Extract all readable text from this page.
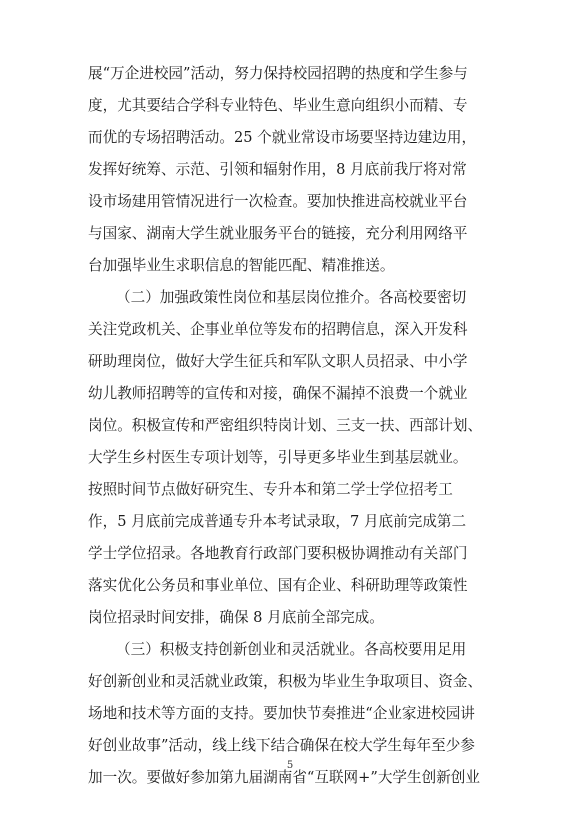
展“万企进校园”活动，努力保持校园招聘的热度和学生参与
度，尤其要结合学科专业特色、毕业生意向组织小而精、专
而优的专场招聘活动。25 个就业常设市场要坚持边建边用，
发挥好统筹、示范、引领和辐射作用，8 月底前我厅将对常
设市场建用管情况进行一次检查。要加快推进高校就业平台
与国家、湖南大学生就业服务平台的链接，充分利用网络平
台加强毕业生求职信息的智能匹配、精准推送。
（二）加强政策性岗位和基层岗位推介。各高校要密切
关注党政机关、企事业单位等发布的招聘信息，深入开发科
研助理岗位，做好大学生征兵和军队文职人员招录、中小学
幼儿教师招聘等的宣传和对接，确保不漏掉不浪费一个就业
岗位。积极宣传和严密组织特岗计划、三支一扶、西部计划、
大学生乡村医生专项计划等，引导更多毕业生到基层就业。
按照时间节点做好研究生、专升本和第二学士学位招考工
作，5 月底前完成普通专升本考试录取，7 月底前完成第二
学士学位招录。各地教育行政部门要积极协调推动有关部门
落实优化公务员和事业单位、国有企业、科研助理等政策性
岗位招录时间安排，确保 8 月底前全部完成。
（三）积极支持创新创业和灵活就业。各高校要用足用
好创新创业和灵活就业政策，积极为毕业生争取项目、资金、
场地和技术等方面的支持。要加快节奏推进“企业家进校园讲
好创业故事”活动，线上线下结合确保在校大学生每年至少参
加一次。要做好参加第九届湖南省“互联网+”大学生创新创业
5
